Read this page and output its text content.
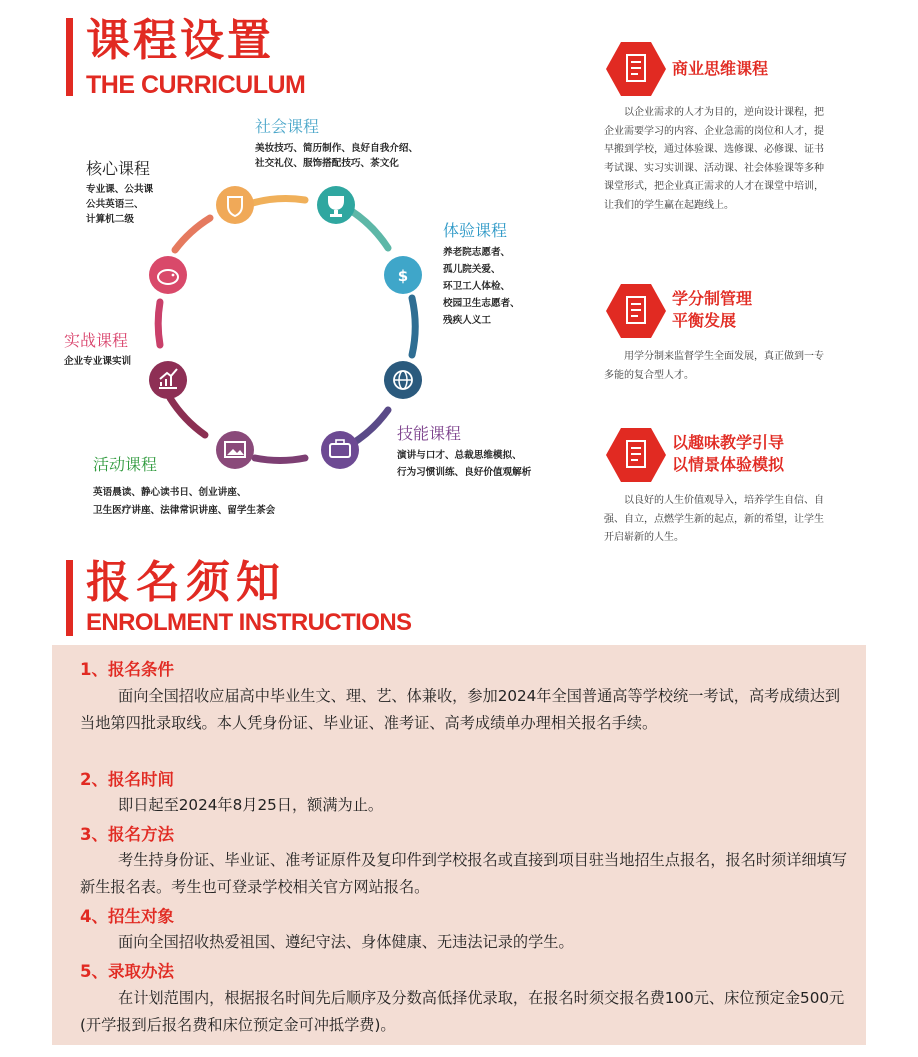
课程设置
THE CURRICULUM
$
社会课程
美妆技巧、简历制作、良好自我介绍、
社交礼仪、服饰搭配技巧、茶文化
核心课程
专业课、公共课
公共英语三、
计算机二级
体验课程
养老院志愿者、
孤儿院关爱、
环卫工人体检、
校园卫生志愿者、
残疾人义工
实战课程
企业专业课实训
技能课程
演讲与口才、总裁思维模拟、
行为习惯训练、良好价值观解析
活动课程
英语晨读、静心读书日、创业讲座、
卫生医疗讲座、法律常识讲座、留学生茶会
商业思维课程
以企业需求的人才为目的，逆向设计课程，把企业需要学习的内容、企业急需的岗位和人才，提早搬到学校，通过体验课、选修课、必修课、证书考试课、实习实训课、活动课、社会体验课等多种课堂形式，把企业真正需求的人才在课堂中培训，让我们的学生赢在起跑线上。
学分制管理
平衡发展
用学分制来监督学生全面发展，真正做到一专多能的复合型人才。
以趣味教学引导
以情景体验模拟
以良好的人生价值观导入，培养学生自信、自强、自立，点燃学生新的起点，新的希望，让学生开启崭新的人生。
报名须知
ENROLMENT INSTRUCTIONS
1、报名条件
面向全国招收应届高中毕业生文、理、艺、体兼收，参加2024年全国普通高等学校统一考试，高考成绩达到当地第四批录取线。本人凭身份证、毕业证、准考证、高考成绩单办理相关报名手续。
2、报名时间
即日起至2024年8月25日，额满为止。
3、报名方法
考生持身份证、毕业证、准考证原件及复印件到学校报名或直接到项目驻当地招生点报名，报名时须详细填写新生报名表。考生也可登录学校相关官方网站报名。
4、招生对象
面向全国招收热爱祖国、遵纪守法、身体健康、无违法记录的学生。
5、录取办法
在计划范围内，根据报名时间先后顺序及分数高低择优录取，在报名时须交报名费100元、床位预定金500元(开学报到后报名费和床位预定金可冲抵学费)。
